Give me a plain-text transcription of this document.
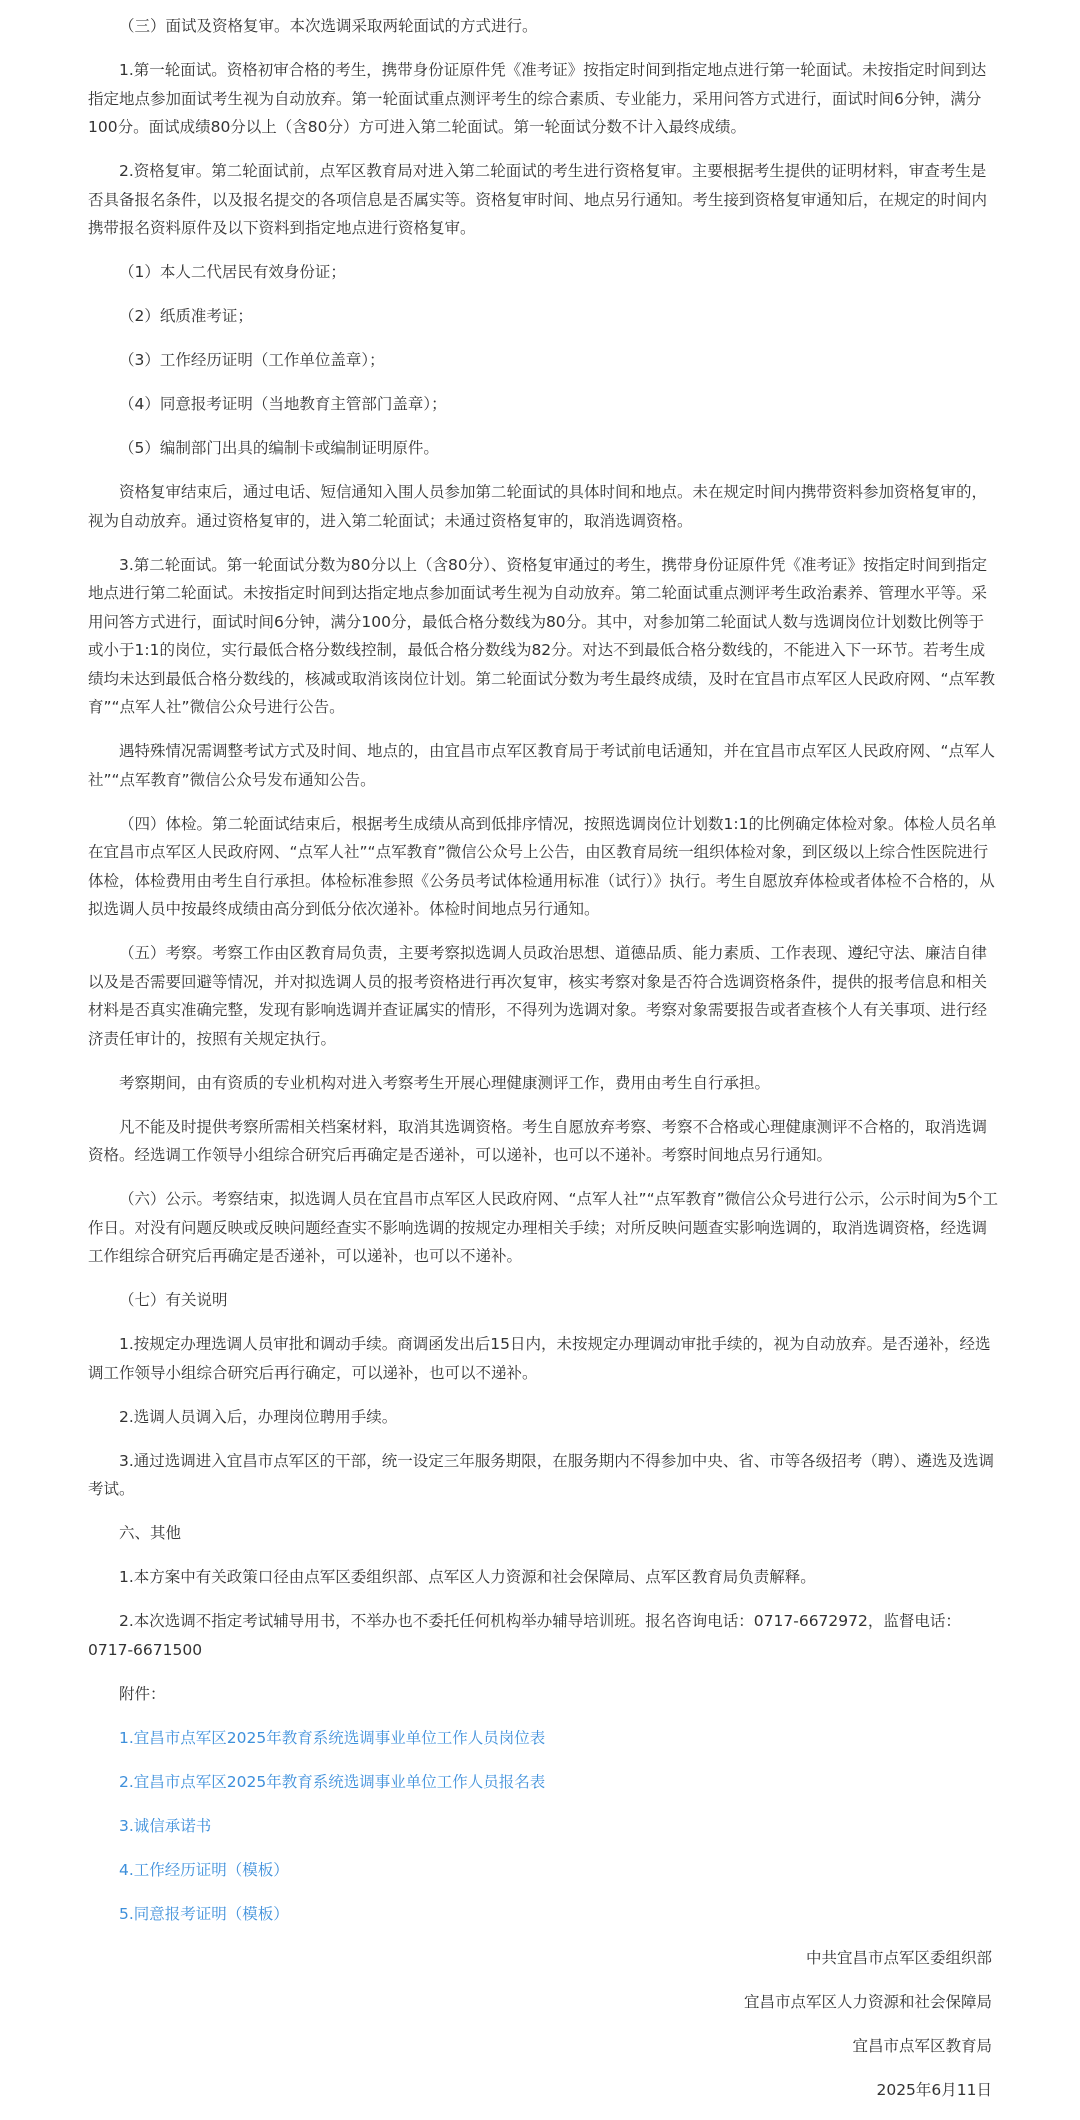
（三）面试及资格复审。本次选调采取两轮面试的方式进行。

1.第一轮面试。资格初审合格的考生，携带身份证原件凭《准考证》按指定时间到指定地点进行第一轮面试。未按指定时间到达指定地点参加面试考生视为自动放弃。第一轮面试重点测评考生的综合素质、专业能力，采用问答方式进行，面试时间6分钟，满分100分。面试成绩80分以上（含80分）方可进入第二轮面试。第一轮面试分数不计入最终成绩。

2.资格复审。第二轮面试前，点军区教育局对进入第二轮面试的考生进行资格复审。主要根据考生提供的证明材料，审查考生是否具备报名条件，以及报名提交的各项信息是否属实等。资格复审时间、地点另行通知。考生接到资格复审通知后，在规定的时间内携带报名资料原件及以下资料到指定地点进行资格复审。

（1）本人二代居民有效身份证；

（2）纸质准考证；

（3）工作经历证明（工作单位盖章）；

（4）同意报考证明（当地教育主管部门盖章）；

（5）编制部门出具的编制卡或编制证明原件。

资格复审结束后，通过电话、短信通知入围人员参加第二轮面试的具体时间和地点。未在规定时间内携带资料参加资格复审的，视为自动放弃。通过资格复审的，进入第二轮面试；未通过资格复审的，取消选调资格。

3.第二轮面试。第一轮面试分数为80分以上（含80分）、资格复审通过的考生，携带身份证原件凭《准考证》按指定时间到指定地点进行第二轮面试。未按指定时间到达指定地点参加面试考生视为自动放弃。第二轮面试重点测评考生政治素养、管理水平等。采用问答方式进行，面试时间6分钟，满分100分，最低合格分数线为80分。其中，对参加第二轮面试人数与选调岗位计划数比例等于或小于1:1的岗位，实行最低合格分数线控制，最低合格分数线为82分。对达不到最低合格分数线的，不能进入下一环节。若考生成绩均未达到最低合格分数线的，核减或取消该岗位计划。第二轮面试分数为考生最终成绩，及时在宜昌市点军区人民政府网、“点军教育”“点军人社”微信公众号进行公告。

遇特殊情况需调整考试方式及时间、地点的，由宜昌市点军区教育局于考试前电话通知，并在宜昌市点军区人民政府网、“点军人社”“点军教育”微信公众号发布通知公告。

（四）体检。第二轮面试结束后，根据考生成绩从高到低排序情况，按照选调岗位计划数1:1的比例确定体检对象。体检人员名单在宜昌市点军区人民政府网、“点军人社”“点军教育”微信公众号上公告，由区教育局统一组织体检对象，到区级以上综合性医院进行体检，体检费用由考生自行承担。体检标准参照《公务员考试体检通用标准（试行）》执行。考生自愿放弃体检或者体检不合格的，从拟选调人员中按最终成绩由高分到低分依次递补。体检时间地点另行通知。

（五）考察。考察工作由区教育局负责，主要考察拟选调人员政治思想、道德品质、能力素质、工作表现、遵纪守法、廉洁自律以及是否需要回避等情况，并对拟选调人员的报考资格进行再次复审，核实考察对象是否符合选调资格条件，提供的报考信息和相关材料是否真实准确完整，发现有影响选调并查证属实的情形，不得列为选调对象。考察对象需要报告或者查核个人有关事项、进行经济责任审计的，按照有关规定执行。

考察期间，由有资质的专业机构对进入考察考生开展心理健康测评工作，费用由考生自行承担。

凡不能及时提供考察所需相关档案材料，取消其选调资格。考生自愿放弃考察、考察不合格或心理健康测评不合格的，取消选调资格。经选调工作领导小组综合研究后再确定是否递补，可以递补，也可以不递补。考察时间地点另行通知。

（六）公示。考察结束，拟选调人员在宜昌市点军区人民政府网、“点军人社”“点军教育”微信公众号进行公示，公示时间为5个工作日。对没有问题反映或反映问题经查实不影响选调的按规定办理相关手续；对所反映问题查实影响选调的，取消选调资格，经选调工作组综合研究后再确定是否递补，可以递补，也可以不递补。

（七）有关说明

1.按规定办理选调人员审批和调动手续。商调函发出后15日内，未按规定办理调动审批手续的，视为自动放弃。是否递补，经选调工作领导小组综合研究后再行确定，可以递补，也可以不递补。

2.选调人员调入后，办理岗位聘用手续。

3.通过选调进入宜昌市点军区的干部，统一设定三年服务期限，在服务期内不得参加中央、省、市等各级招考（聘）、遴选及选调考试。

六、其他

1.本方案中有关政策口径由点军区委组织部、点军区人力资源和社会保障局、点军区教育局负责解释。

2.本次选调不指定考试辅导用书，不举办也不委托任何机构举办辅导培训班。报名咨询电话：0717-6672972，监督电话：0717-6671500

附件：

1.宜昌市点军区2025年教育系统选调事业单位工作人员岗位表

2.宜昌市点军区2025年教育系统选调事业单位工作人员报名表

3.诚信承诺书

4.工作经历证明（模板）

5.同意报考证明（模板）

中共宜昌市点军区委组织部

宜昌市点军区人力资源和社会保障局

宜昌市点军区教育局

2025年6月11日
